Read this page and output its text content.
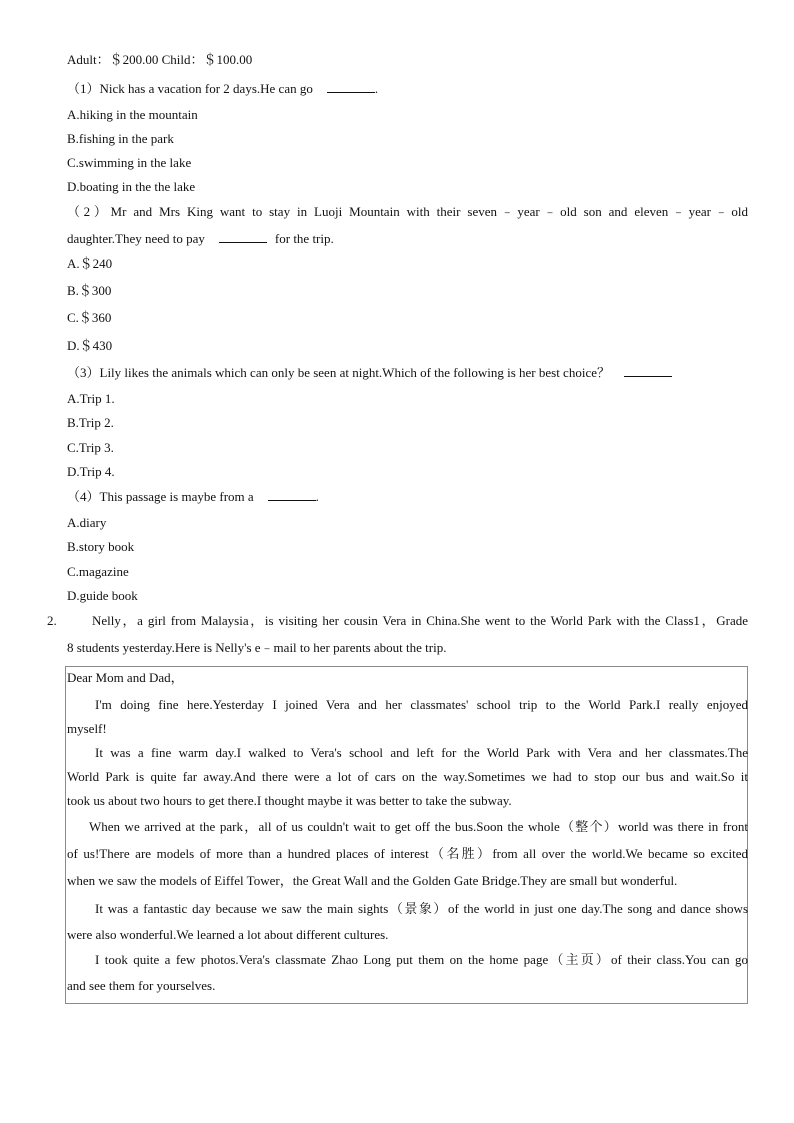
Adult：＄200.00 Child：＄100.00
（1）Nick has a vacation for 2 days.He can go	.
A.hiking in the mountain
B.fishing in the park
C.swimming in the lake
D.boating in the the lake
（2）Mr and Mrs King want to stay in Luoji Mountain with their seven﹣year﹣old son and eleven﹣year﹣old
daughter.They need to pay	for the trip.
A.＄240
B.＄300
C.＄360
D.＄430
（3）Lily likes the animals which can only be seen at night.Which of the following is her best choice？
A.Trip 1.
B.Trip 2.
C.Trip 3.
D.Trip 4.
（4）This passage is maybe from a	.
A.diary
B.story book
C.magazine
D.guide book
2.	Nelly，a girl from Malaysia，is visiting her cousin Vera in China.She went to the World Park with the Class1，Grade
8 students yesterday.Here is Nelly's e﹣mail to her parents about the trip.
Dear Mom and Dad，
I'm doing fine here.Yesterday I joined Vera and her classmates' school trip to the World Park.I really enjoyed
myself!
It was a fine warm day.I walked to Vera's school and left for the World Park with Vera and her classmates.The
World Park is quite far away.And there were a lot of cars on the way.Sometimes we had to stop our bus and wait.So it
took us about two hours to get there.I thought maybe it was better to take the subway.
When we arrived at the park，all of us couldn't wait to get off the bus.Soon the whole（整个）world was there in front
of us!There are models of more than a hundred places of interest（名胜）from all over the world.We became so excited
when we saw the models of Eiffel Tower，the Great Wall and the Golden Gate Bridge.They are small but wonderful.
It was a fantastic day because we saw the main sights（景象）of the world in just one day.The song and dance shows
were also wonderful.We learned a lot about different cultures.
I took quite a few photos.Vera's classmate Zhao Long put them on the home page（主页）of their class.You can go
and see them for yourselves.
